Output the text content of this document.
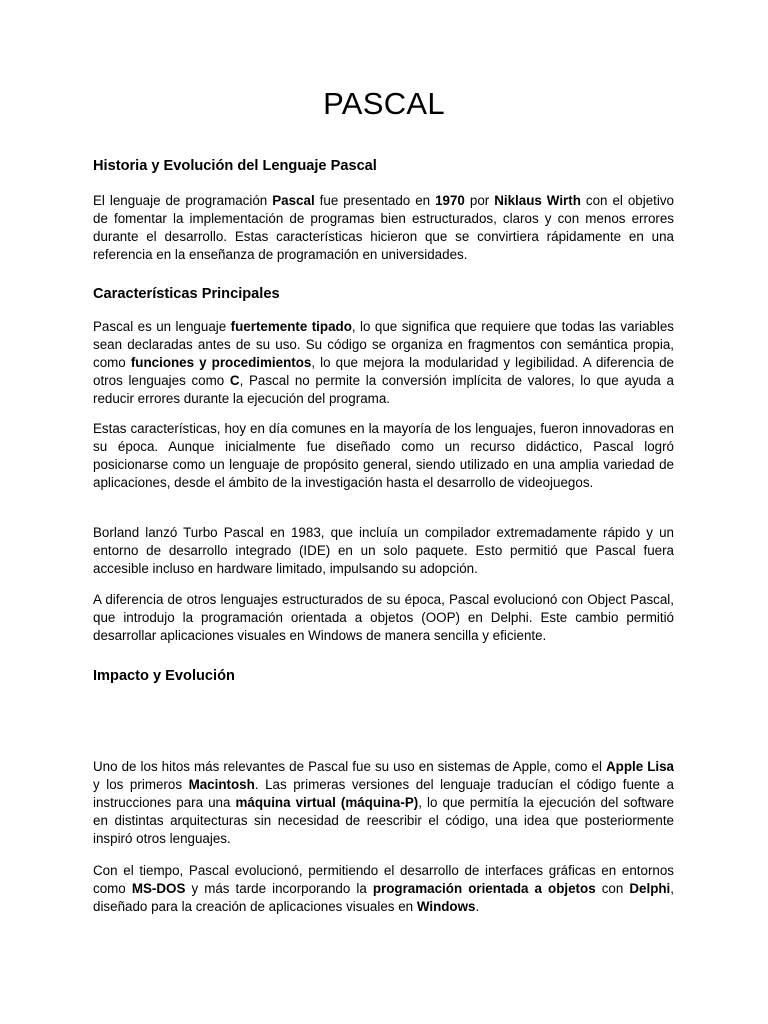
PASCAL
Historia y Evolución del Lenguaje Pascal

El lenguaje de programación Pascal fue presentado en 1970 por Niklaus Wirth con el objetivo de fomentar la implementación de programas bien estructurados, claros y con menos errores durante el desarrollo. Estas características hicieron que se convirtiera rápidamente en una referencia en la enseñanza de programación en universidades.

Características Principales

Pascal es un lenguaje fuertemente tipado, lo que significa que requiere que todas las variables sean declaradas antes de su uso. Su código se organiza en fragmentos con semántica propia, como funciones y procedimientos, lo que mejora la modularidad y legibilidad. A diferencia de otros lenguajes como C, Pascal no permite la conversión implícita de valores, lo que ayuda a reducir errores durante la ejecución del programa.

Estas características, hoy en día comunes en la mayoría de los lenguajes, fueron innovadoras en su época. Aunque inicialmente fue diseñado como un recurso didáctico, Pascal logró posicionarse como un lenguaje de propósito general, siendo utilizado en una amplia variedad de aplicaciones, desde el ámbito de la investigación hasta el desarrollo de videojuegos.

Borland lanzó Turbo Pascal en 1983, que incluía un compilador extremadamente rápido y un entorno de desarrollo integrado (IDE) en un solo paquete. Esto permitió que Pascal fuera accesible incluso en hardware limitado, impulsando su adopción.

A diferencia de otros lenguajes estructurados de su época, Pascal evolucionó con Object Pascal, que introdujo la programación orientada a objetos (OOP) en Delphi. Este cambio permitió desarrollar aplicaciones visuales en Windows de manera sencilla y eficiente.

Impacto y Evolución

Uno de los hitos más relevantes de Pascal fue su uso en sistemas de Apple, como el Apple Lisa y los primeros Macintosh. Las primeras versiones del lenguaje traducían el código fuente a instrucciones para una máquina virtual (máquina-P), lo que permitía la ejecución del software en distintas arquitecturas sin necesidad de reescribir el código, una idea que posteriormente inspiró otros lenguajes.

Con el tiempo, Pascal evolucionó, permitiendo el desarrollo de interfaces gráficas en entornos como MS-DOS y más tarde incorporando la programación orientada a objetos con Delphi, diseñado para la creación de aplicaciones visuales en Windows.
